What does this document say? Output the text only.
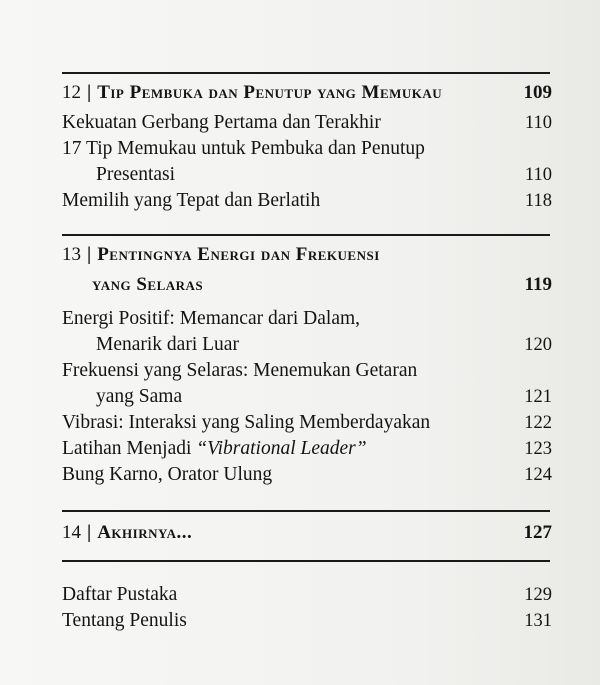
12 | Tip Pembuka dan Penutup yang Memukau	109
Kekuatan Gerbang Pertama dan Terakhir	110
17 Tip Memukau untuk Pembuka dan Penutup
Presentasi	110
Memilih yang Tepat dan Berlatih	118
13 | Pentingnya Energi dan Frekuensi
yang Selaras	119
Energi Positif: Memancar dari Dalam,
Menarik dari Luar	120
Frekuensi yang Selaras: Menemukan Getaran
yang Sama	121
Vibrasi: Interaksi yang Saling Memberdayakan	122
Latihan Menjadi “Vibrational Leader”	123
Bung Karno, Orator Ulung	124
14 | Akhirnya...	127
Daftar Pustaka	129
Tentang Penulis	131
